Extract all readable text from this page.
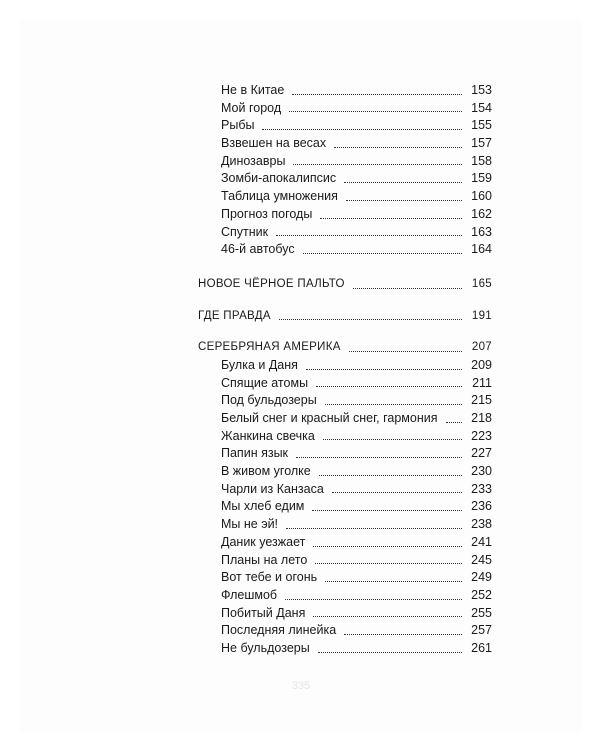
Не в Китае	153
Мой город	154
Рыбы	155
Взвешен на весах	157
Динозавры	158
Зомби-апокалипсис	159
Таблица умножения	160
Прогноз погоды	162
Спутник	163
46-й автобус	164
НОВОЕ ЧЁРНОЕ ПАЛЬТО	165
ГДЕ ПРАВДА	191
СЕРЕБРЯНАЯ АМЕРИКА	207
Булка и Даня	209
Спящие атомы	211
Под бульдозеры	215
Белый снег и красный снег, гармония	218
Жанкина свечка	223
Папин язык	227
В живом уголке	230
Чарли из Канзаса	233
Мы хлеб едим	236
Мы не эй!	238
Даник уезжает	241
Планы на лето	245
Вот тебе и огонь	249
Флешмоб	252
Побитый Даня	255
Последняя линейка	257
Не бульдозеры	261
335
